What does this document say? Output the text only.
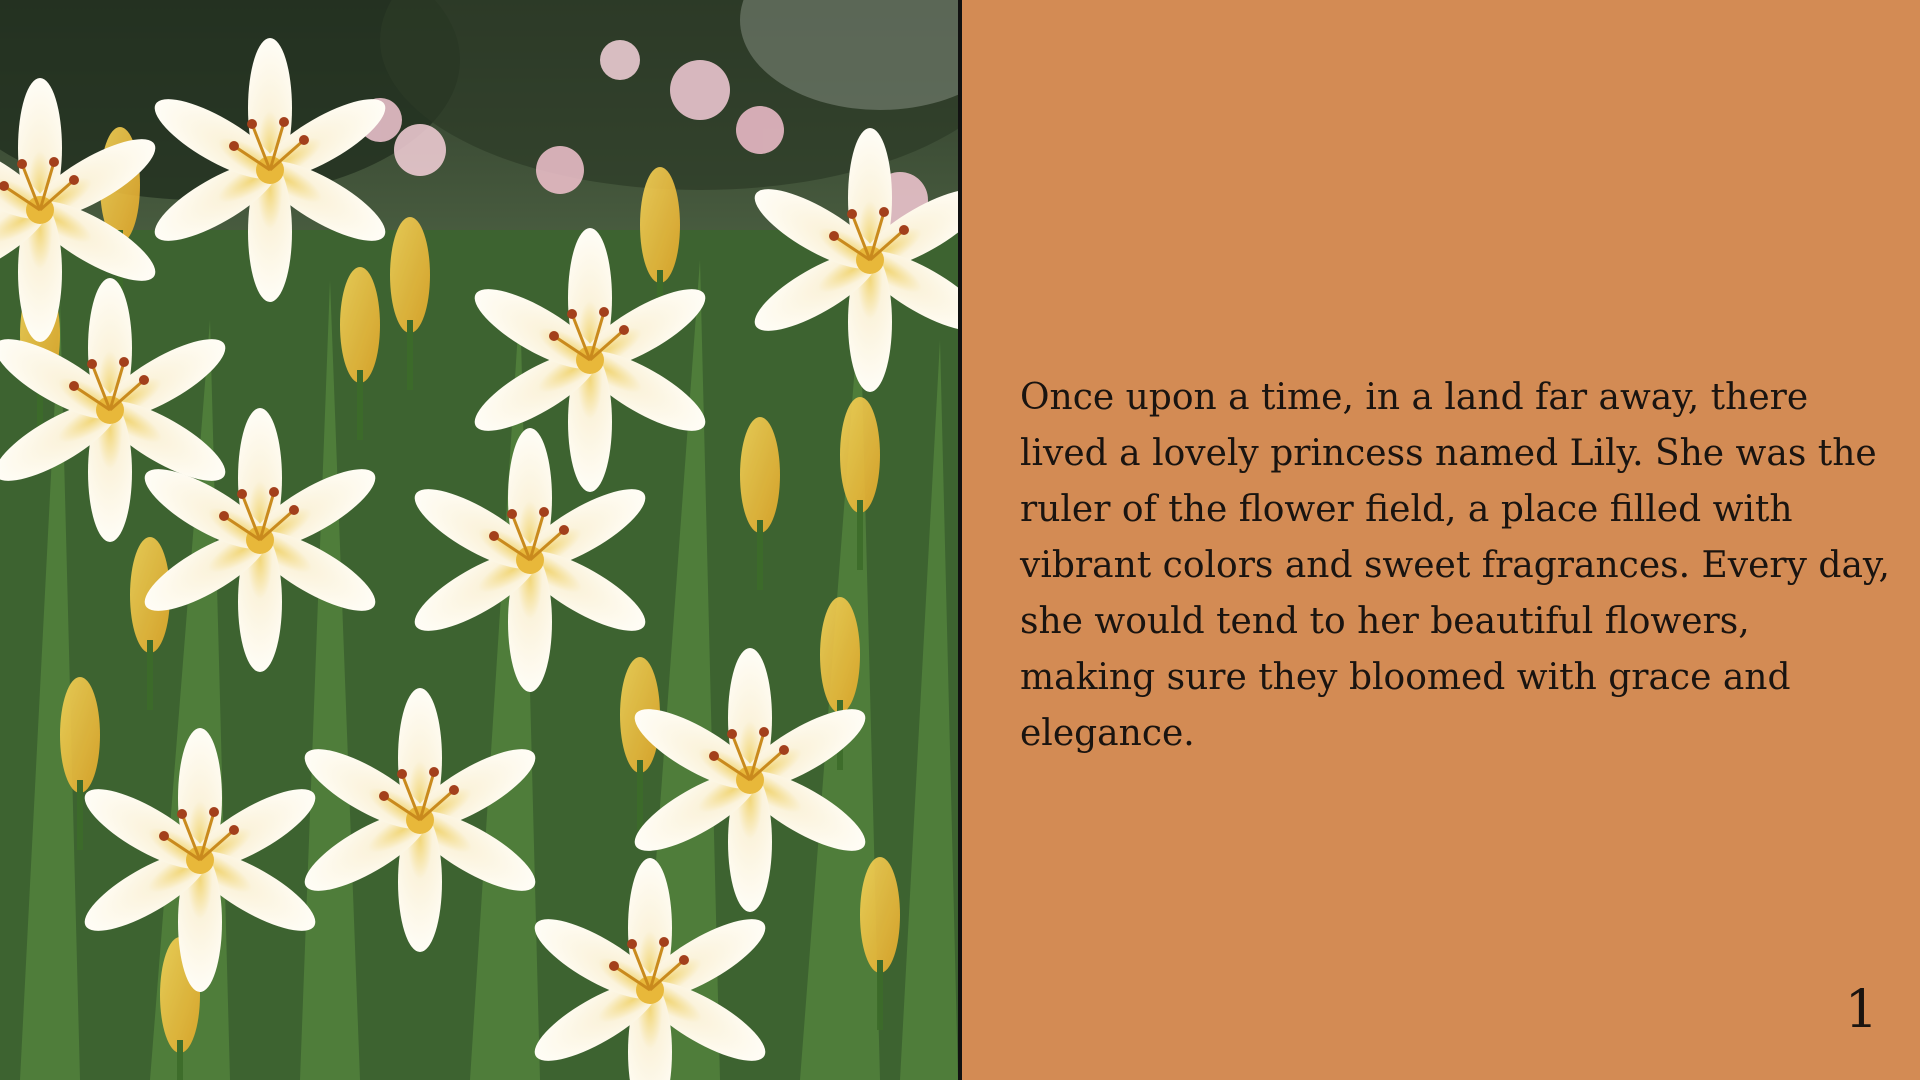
Once upon a time, in a land far away, there lived a lovely princess named Lily. She was the ruler of the flower field, a place filled with vibrant colors and sweet fragrances. Every day, she would tend to her beautiful flowers, making sure they bloomed with grace and elegance.

1
